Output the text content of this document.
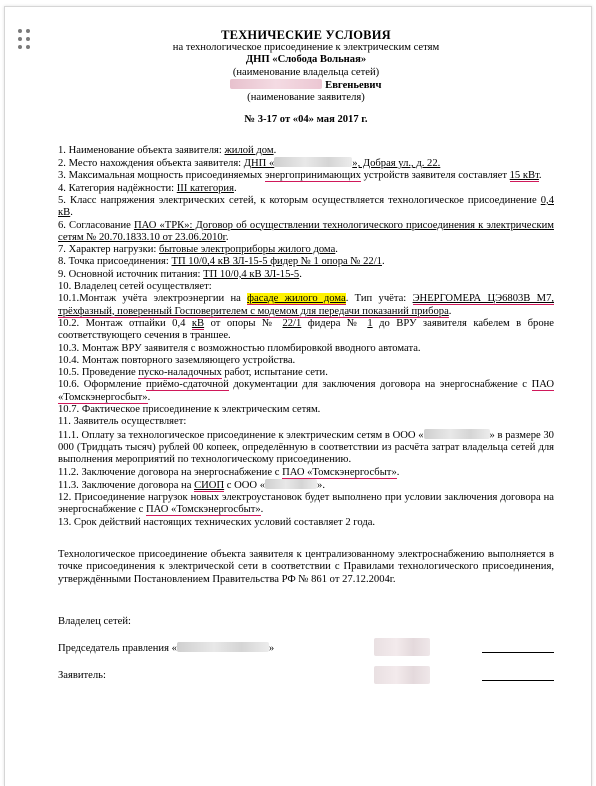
ТЕХНИЧЕСКИЕ УСЛОВИЯ
на технологическое присоединение к электрическим сетям
ДНП «Слобода Вольная»
(наименование владельца сетей)
Евгеньевич
(наименование заявителя)
№ 3-17 от «04» мая 2017 г.

1. Наименование объекта заявителя: жилой дом.

2. Место нахождения объекта заявителя: ДНП «	», Добрая ул., д. 22.

3. Максимальная мощность присоединяемых энергопринимающих устройств заявителя составляет 15 кВт.

4. Категория надёжности: III категория.

5. Класс напряжения электрических сетей, к которым осуществляется технологическое присоединение 0,4 кВ.

6. Согласование ПАО «ТРК»: Договор об осуществлении технологического присоединения к электрическим сетям № 20.70.1833.10 от 23.06.2010г.

7. Характер нагрузки: бытовые электроприборы жилого дома.

8. Точка присоединения: ТП 10/0,4 кВ ЗЛ-15-5 фидер № 1 опора № 22/1.

9. Основной источник питания: ТП 10/0,4 кВ ЗЛ-15-5.

10. Владелец сетей осуществляет:

10.1.Монтаж учёта электроэнергии на фасаде жилого дома. Тип учёта: ЭНЕРГОМЕРА ЦЭ6803В М7, трёхфазный, поверенный Госповерителем с модемом для передачи показаний прибора.

10.2. Монтаж отпайки 0,4 кВ от опоры № 22/1 фидера № 1 до ВРУ заявителя кабелем в броне соответствующего сечения в траншее.

10.3. Монтаж ВРУ заявителя с возможностью пломбировкой вводного автомата.

10.4. Монтаж повторного заземляющего устройства.

10.5. Проведение пуско-наладочных работ, испытание сети.

10.6. Оформление приёмо-сдаточной документации для заключения договора на энергоснабжение с ПАО «Томскэнергосбыт».

10.7. Фактическое присоединение к электрическим сетям.

11. Заявитель осуществляет:

11.1. Оплату за технологическое присоединение к электрическим сетям в ООО «	» в размере 30 000 (Тридцать тысяч) рублей 00 копеек, определённую в соответствии из расчёта затрат владельца сетей для выполнения мероприятий по технологическому присоединению.

11.2. Заключение договора на энергоснабжение с ПАО «Томскэнергосбыт».

11.3. Заключение договора на СИОП с ООО «	».

12. Присоединение нагрузок новых электроустановок будет выполнено при условии заключения договора на энергоснабжение с ПАО «Томскэнергосбыт».

13. Срок действий настоящих технических условий составляет 2 года.

Технологическое присоединение объекта заявителя к централизованному электроснабжению выполняется в точке присоединения к электрической сети в соответствии с Правилами технологического присоединения, утверждёнными Постановлением Правительства РФ № 861 от 27.12.2004г.

Владелец сетей:

Председатель правления «	»
Заявитель:
